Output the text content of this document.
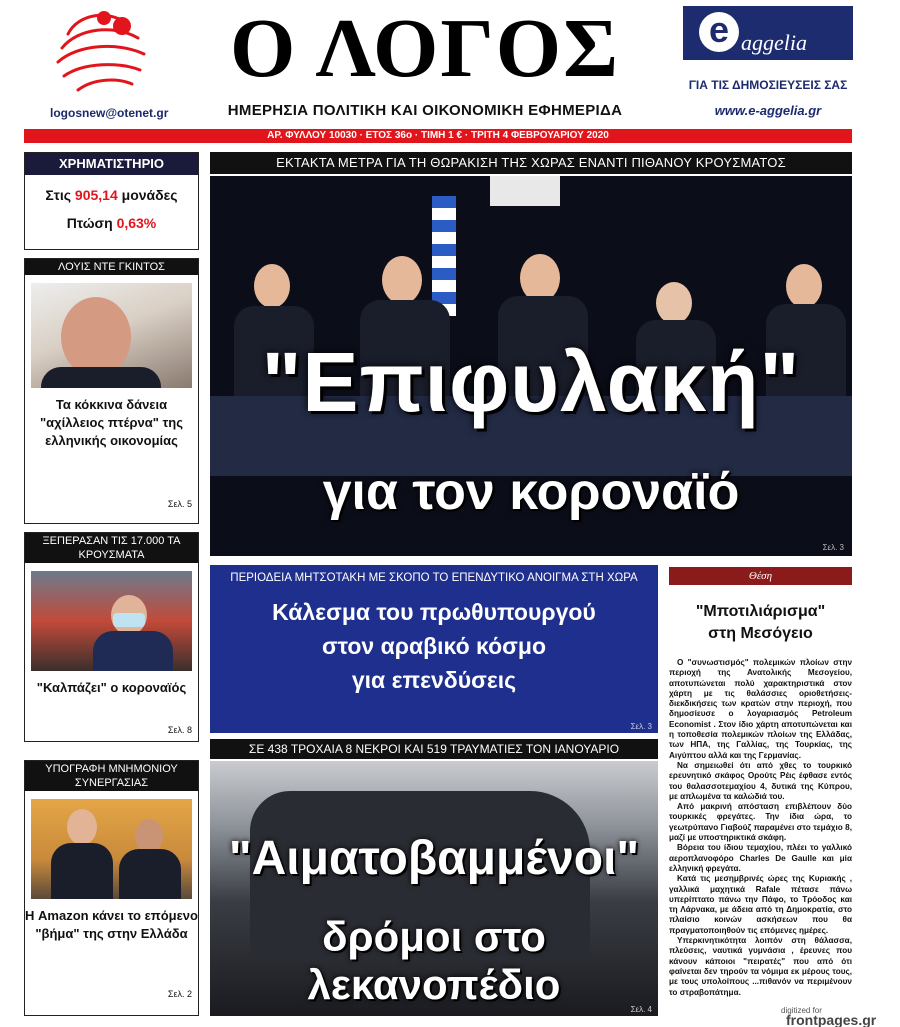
logosnew@otenet.gr
Ο ΛΟΓΟΣ
ΗΜΕΡΗΣΙΑ ΠΟΛΙΤΙΚΗ ΚΑΙ ΟΙΚΟΝΟΜΙΚΗ ΕΦΗΜΕΡΙΔΑ
e aggelia
ΓΙΑ ΤΙΣ ΔΗΜΟΣΙΕΥΣΕΙΣ ΣΑΣ
www.e-aggelia.gr
ΑΡ. ΦΥΛΛΟΥ 10030 · ΕΤΟΣ 36ο · ΤΙΜΗ 1 € · ΤΡΙΤΗ 4 ΦΕΒΡΟΥΑΡΙΟΥ 2020
ΧΡΗΜΑΤΙΣΤΗΡΙΟ
Στις 905,14 μονάδες
Πτώση 0,63%
ΛΟΥΙΣ ΝΤΕ ΓΚΙΝΤΟΣ
Τα κόκκινα δάνεια "αχίλλειος πτέρνα" της ελληνικής οικονομίας
Σελ. 5
ΞΕΠΕΡΑΣΑΝ ΤΙΣ 17.000 ΤΑ ΚΡΟΥΣΜΑΤΑ
"Καλπάζει" ο κοροναϊός
Σελ. 8
ΥΠΟΓΡΑΦΗ ΜΝΗΜΟΝΙΟΥ ΣΥΝΕΡΓΑΣΙΑΣ
Η Amazon κάνει το επόμενο "βήμα" της στην Ελλάδα
Σελ. 2
ΕΚΤΑΚΤΑ ΜΕΤΡΑ ΓΙΑ ΤΗ ΘΩΡΑΚΙΣΗ ΤΗΣ ΧΩΡΑΣ ΕΝΑΝΤΙ ΠΙΘΑΝΟΥ ΚΡΟΥΣΜΑΤΟΣ
"Επιφυλακή"
για τον κοροναϊό
Σελ. 3
ΠΕΡΙΟΔΕΙΑ ΜΗΤΣΟΤΑΚΗ ΜΕ ΣΚΟΠΟ ΤΟ ΕΠΕΝΔΥΤΙΚΟ ΑΝΟΙΓΜΑ ΣΤΗ ΧΩΡΑ
Κάλεσμα του πρωθυπουργού
στον αραβικό κόσμο
για επενδύσεις
Σελ. 3
ΣΕ 438 ΤΡΟΧΑΙΑ 8 ΝΕΚΡΟΙ ΚΑΙ 519 ΤΡΑΥΜΑΤΙΕΣ ΤΟΝ ΙΑΝΟΥΑΡΙΟ
"Αιματοβαμμένοι"
δρόμοι στο λεκανοπέδιο
Σελ. 4
Θέση
"Μποτιλιάρισμα"
στη Μεσόγειο

Ο "συνωστισμός" πολεμικών πλοίων στην περιοχή της Ανατολικής Μεσογείου, αποτυπώνεται πολύ χαρακτηριστικά στον χάρτη με τις θαλάσσιες οριοθετήσεις-διεκδικήσεις των κρατών στην περιοχή, που δημοσίευσε ο λογαριασμός Petroleum Economist . Στον ίδιο χάρτη αποτυπώνεται και η τοποθεσία πολεμικών πλοίων της Ελλάδας, των ΗΠΑ, της Γαλλίας, της Τουρκίας, της Αιγύπτου αλλά και της Γερμανίας.

Να σημειωθεί ότι από χθες το τουρκικό ερευνητικό σκάφος Ορούτς Ρέις έφθασε εντός του θαλασσοτεμαχίου 4, δυτικά της Κύπρου, με απλωμένα τα καλώδιά του.

Από μακρινή απόσταση επιβλέπουν δύο τουρκικές φρεγάτες. Την ίδια ώρα, το γεωτρύπανο Γιαβούζ παραμένει στο τεμάχιο 8, μαζί με υποστηρικτικά σκάφη.

Βόρεια του ίδιου τεμαχίου, πλέει το γαλλικό αεροπλανοφόρο Charles De Gaulle και μία ελληνική φρεγάτα.

Κατά τις μεσημβρινές ώρες της Κυριακής , γαλλικά μαχητικά Rafale πέτασε πάνω υπερίπτατο πάνω την Πάφο, το Τρόοδος και τη Λάρνακα, με άδεια από τη Δημοκρατία, στο πλαίσιο κοινών ασκήσεων που θα πραγματοποιηθούν τις επόμενες ημέρες.

Υπερκινητικότητα λοιπόν στη θάλασσα, πλεύσεις, ναυτικά γυμνάσια , έρευνες που κάνουν κάποιοι "πειρατές" που από ότι φαίνεται δεν τηρούν τα νόμιμα εκ μέρους τους, με τους υπολοίπους ...πιθανόν να περιμένουν το στραβοπάτημα.

digitized for
frontpages.gr
